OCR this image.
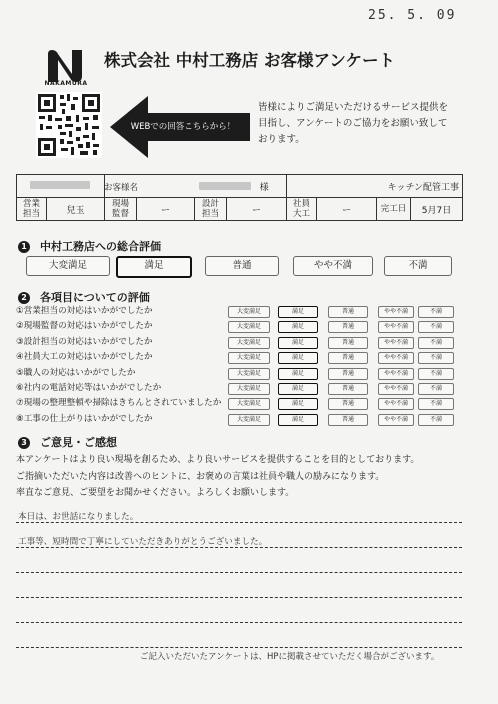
25. 5. 09
NAKAMURA
株式会社 中村工務店 お客様アンケート
WEBでの回答こちらから！
皆様によりご満足いただけるサービス提供を
目指し、アンケートのご協力をお願い致して
おります。
		お客様名 様				キッチン配管工事			
営業担当	兒玉	現場監督	ー	設計担当	ー	社員大工	ー	完工日	5月7日
1 中村工務店への総合評価
大変満足	満足	普通	やや不満	不満
2 各項目についての評価
①営業担当の対応はいかがでしたか	大変満足	満足	普通	やや不満	不満
②現場監督の対応はいかがでしたか	大変満足	満足	普通	やや不満	不満
③設計担当の対応はいかがでしたか	大変満足	満足	普通	やや不満	不満
④社員大工の対応はいかがでしたか	大変満足	満足	普通	やや不満	不満
⑤職人の対応はいかがでしたか	大変満足	満足	普通	やや不満	不満
⑥社内の電話対応等はいかがでしたか	大変満足	満足	普通	やや不満	不満
⑦現場の整理整頓や掃除はきちんとされていましたか	大変満足	満足	普通	やや不満	不満
⑧工事の仕上がりはいかがでしたか	大変満足	満足	普通	やや不満	不満
3 ご意見・ご感想
本アンケートはより良い現場を創るため、より良いサービスを提供することを目的としております。
ご指摘いただいた内容は改善へのヒントに、お褒めの言葉は社員や職人の励みになります。
率直なご意見、ご要望をお聞かせください。よろしくお願いします。
本日は、お世話になりました。
工事等、短時間で丁寧にしていただきありがとうございました。
ご記入いただいたアンケートは、HPに掲載させていただく場合がございます。
